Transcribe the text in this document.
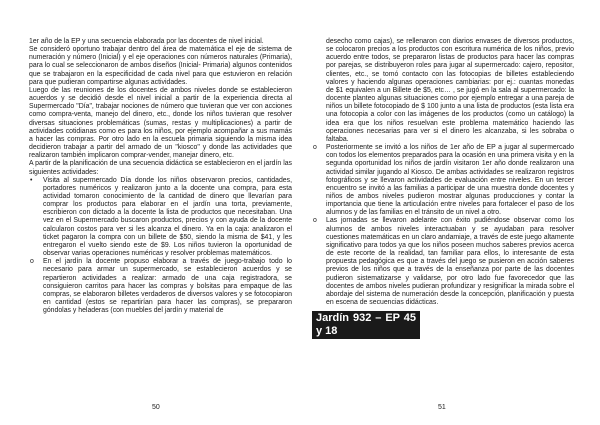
1er año de la EP y una secuencia elaborada por las docentes de nivel inicial.

Se consideró oportuno trabajar dentro del área de matemática el eje de sistema de numeración y número (Inicial) y el eje operaciones con números naturales (Primaria), para lo cual se seleccionaron de ambos diseños (Inicial- Primaria) algunos contenidos que se trabajaron en la especificidad de cada nivel para que estuvieron en relación para que pudieran compartirse algunas actividades.

Luego de las reuniones de los docentes de ambos niveles donde se establecieron acuerdos y se decidió desde el nivel inicial a partir de la experiencia directa al Supermercado "Día", trabajar nociones de número que tuvieran que ver con acciones como compra-venta, manejo del dinero, etc., donde los niños tuvieran que resolver diversas situaciones problemáticas (sumas, restas y multiplicaciones) a partir de actividades cotidianas como es para los niños, por ejemplo acompañar a sus mamás a hacer las compras. Por otro lado en la escuela primaria siguiendo la misma idea decidieron trabajar a partir del armado de un "kiosco" y donde las actividades que realizaron también implicaron comprar-vender, manejar dinero, etc.

A partir de la planificación de una secuencia didáctica se establecieron en el jardín las siguientes actividades:

• Visita al supermercado Día donde los niños observaron precios, cantidades, portadores numéricos y realizaron junto a la docente una compra, para esta actividad tomaron conocimiento de la cantidad de dinero que llevarían para comprar los productos para elaborar en el jardín una torta, previamente, escribieron con dictado a la docente la lista de productos que necesitaban. Una vez en el Supermercado buscaron productos, precios y con ayuda de la docente calcularon costos para ver si les alcanza el dinero. Ya en la caja: analizaron el ticket pagaron la compra con un billete de $50, siendo la misma de $41, y les entregaron el vuelto siendo este de $9. Los niños tuvieron la oportunidad de observar varias operaciones numéricas y resolver problemas matemáticos.
o En el jardín la docente propuso elaborar a través de juego-trabajo todo lo necesario para armar un supermercado, se establecieron acuerdos y se repartieron actividades a realizar: armado de una caja registradora, se consiguieron carritos para hacer las compras y bolsitas para empaque de las compras, se elaboraron billetes verdaderos de diversos valores y se fotocopiaron en cantidad (estos se repartirían para hacer las compras), se prepararon góndolas y heladeras (con muebles del jardín y material de
50
desecho como cajas), se rellenaron con diarios envases de diversos productos, se colocaron precios a los productos con escritura numérica de los niños, previo acuerdo entre todos, se prepararon listas de productos para hacer las compras por parejas, se distribuyeron roles para jugar al supermercado: cajero, repositor, clientes, etc., se tomó contacto con las fotocopias de billetes estableciendo valores y haciendo algunas operaciones cambiarias: por ej.: cuantas monedas de $1 equivalen a un Billete de $5, etc… , se jugó en la sala al supermercado: la docente planteo algunas situaciones como por ejemplo entregar a una pareja de niños un billete fotocopiado de $ 100 junto a una lista de productos (esta lista era una fotocopia a color con las imágenes de los productos (como un catálogo) la idea era que los niños resuelvan este problema matemático haciendo las operaciones necesarias para ver si el dinero les alcanzaba, si les sobraba o faltaba.
o Posteriormente se invitó a los niños de 1er año de EP a jugar al supermercado con todos los elementos preparados para la ocasión en una primera visita y en la segunda oportunidad los niños de jardín visitaron 1er año donde realizaron una actividad similar jugando al Kiosco. De ambas actividades se realizaron registros fotográficos y se llevaron actividades de evaluación entre niveles. En un tercer encuentro se invitó a las familias a participar de una muestra donde docentes y niños de ambos niveles pudieron mostrar algunas producciones y contar la importancia que tiene la articulación entre niveles para fortalecer el paso de los alumnos y de las familias en el tránsito de un nivel a otro.
o Las jornadas se llevaron adelante con éxito pudiéndose observar como los alumnos de ambos niveles interactuaban y se ayudaban para resolver cuestiones matemáticas en un claro andamiaje, a través de este juego altamente significativo para todos ya que los niños poseen muchos saberes previos acerca de este recorte de la realidad, tan familiar para ellos, lo interesante de esta propuesta pedagógica es que a través del juego se pusieron en acción saberes previos de los niños que a través de la enseñanza por parte de las docentes pudieron sistematizarse y validarse, por otro lado fue favorecedor que las docentes de ambos niveles pudieran profundizar y resignificar la mirada sobre el abordaje del sistema de numeración desde la concepción, planificación y puesta en escena de secuencias didácticas.
Jardín 932 – EP 45 y 18
51
